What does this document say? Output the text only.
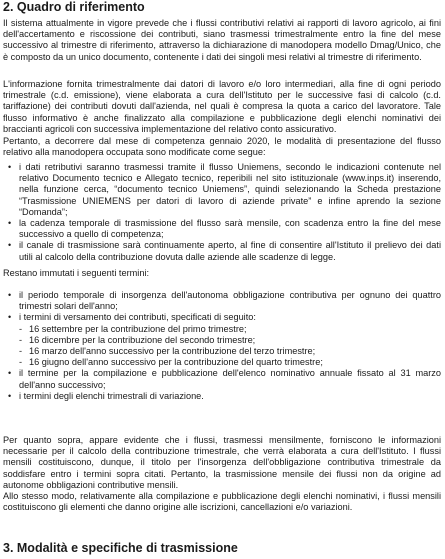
2. Quadro di riferimento

Il sistema attualmente in vigore prevede che i flussi contributivi relativi ai rapporti di lavoro agricolo, ai fini dell'accertamento e riscossione dei contributi, siano trasmessi trimestralmente entro la fine del mese successivo al trimestre di riferimento, attraverso la dichiarazione di manodopera modello Dmag/Unico, che è composto da un unico documento, contenente i dati dei singoli mesi relativi al trimestre di riferimento.

L'informazione fornita trimestralmente dai datori di lavoro e/o loro intermediari, alla fine di ogni periodo trimestrale (c.d. emissione), viene elaborata a cura dell'Istituto per le successive fasi di calcolo (c.d. tariffazione) dei contributi dovuti dall'azienda, nel quali è compresa la quota a carico del lavoratore. Tale flusso informativo è anche finalizzato alla compilazione e pubblicazione degli elenchi nominativi dei braccianti agricoli con successiva implementazione del relativo conto assicurativo.

Pertanto, a decorrere dal mese di competenza gennaio 2020, le modalità di presentazione del flusso relativo alla manodopera occupata sono modificate come segue:

• i dati retributivi saranno trasmessi tramite il flusso Uniemens, secondo le indicazioni contenute nel relativo Documento tecnico e Allegato tecnico, reperibili nel sito istituzionale (www.inps.it) inserendo, nella funzione cerca, “documento tecnico Uniemens”, quindi selezionando la Scheda prestazione “Trasmissione UNIEMENS per datori di lavoro di aziende private” e infine aprendo la sezione “Domanda”;
• la cadenza temporale di trasmissione del flusso sarà mensile, con scadenza entro la fine del mese successivo a quello di competenza;
• il canale di trasmissione sarà continuamente aperto, al fine di consentire all'Istituto il prelievo dei dati utili al calcolo della contribuzione dovuta dalle aziende alle scadenze di legge.

Restano immutati i seguenti termini:

• il periodo temporale di insorgenza dell'autonoma obbligazione contributiva per ognuno dei quattro trimestri solari dell'anno;
• i termini di versamento dei contributi, specificati di seguito:
- 16 settembre per la contribuzione del primo trimestre;
- 16 dicembre per la contribuzione del secondo trimestre;
- 16 marzo dell'anno successivo per la contribuzione del terzo trimestre;
- 16 giugno dell'anno successivo per la contribuzione del quarto trimestre;
• il termine per la compilazione e pubblicazione dell'elenco nominativo annuale fissato al 31 marzo dell'anno successivo;
• i termini degli elenchi trimestrali di variazione.

Per quanto sopra, appare evidente che i flussi, trasmessi mensilmente, forniscono le informazioni necessarie per il calcolo della contribuzione trimestrale, che verrà elaborata a cura dell'Istituto. I flussi mensili costituiscono, dunque, il titolo per l'insorgenza dell'obbligazione contributiva trimestrale da soddisfare entro i termini sopra citati. Pertanto, la trasmissione mensile dei flussi non da origine ad autonome obbligazioni contributive mensili.

Allo stesso modo, relativamente alla compilazione e pubblicazione degli elenchi nominativi, i flussi mensili costituiscono gli elementi che danno origine alle iscrizioni, cancellazioni e/o variazioni.

3. Modalità e specifiche di trasmissione
